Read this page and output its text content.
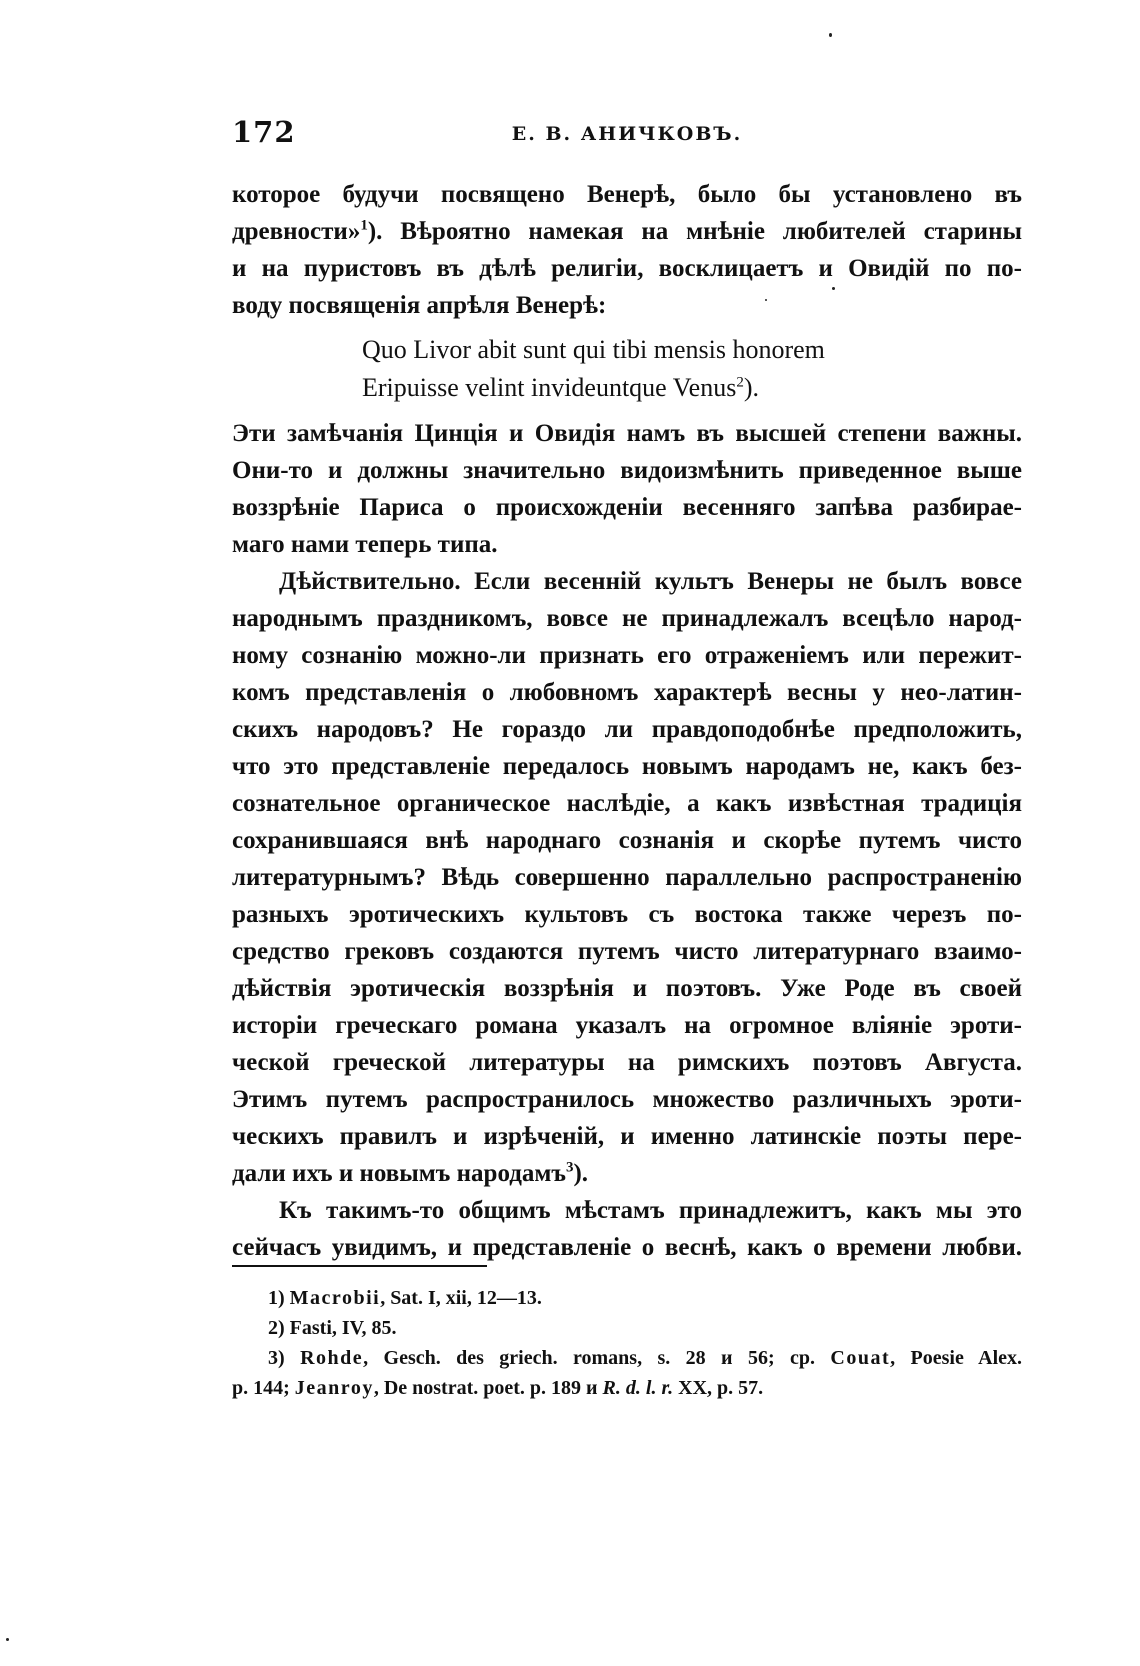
172	Е. В. АНИЧКОВЪ.

которое будучи посвящено Венерѣ, было бы установлено въ
древности»$^1$). Вѣроятно намекая на мнѣніе любителей старины
и на пуристовъ въ дѣлѣ религіи, восклицаетъ и Овидій по по-
воду посвященія апрѣля Венерѣ:

Quo Livor abit sunt qui tibi mensis honorem
Eripuisse velint invideuntque Venus$^2$).

Эти замѣчанія Цинція и Овидія намъ въ высшей степени важны.
Они-то и должны значительно видоизмѣнить приведенное выше
воззрѣніе Париса о происхожденіи весенняго запѣва разбирае-
маго нами теперь типа.

Дѣйствительно. Если весенній культъ Венеры не былъ вовсе
народнымъ праздникомъ, вовсе не принадлежалъ всецѣло народ-
ному сознанію можно-ли признать его отраженіемъ или пережит-
комъ представленія о любовномъ характерѣ весны у нео-латин-
скихъ народовъ? Не гораздо ли правдоподобнѣе предположить,
что это представленіе передалось новымъ народамъ не, какъ без-
сознательное органическое наслѣдіе, а какъ извѣстная традиція
сохранившаяся внѣ народнаго сознанія и скорѣе путемъ чисто
литературнымъ? Вѣдь совершенно параллельно распространенію
разныхъ эротическихъ культовъ съ востока также черезъ по-
средство грековъ создаются путемъ чисто литературнаго взаимо-
дѣйствія эротическія воззрѣнія и поэтовъ. Уже Роде въ своей
исторіи греческаго романа указалъ на огромное вліяніе эроти-
ческой греческой литературы на римскихъ поэтовъ Августа.
Этимъ путемъ распространилось множество различныхъ эроти-
ческихъ правилъ и изрѣченій, и именно латинскіе поэты пере-
дали ихъ и новымъ народамъ$^3$).

Къ такимъ-то общимъ мѣстамъ принадлежитъ, какъ мы это
сейчасъ увидимъ, и представленіе о веснѣ, какъ о времени любви.

1) Macrobii, Sat. I, xii, 12—13.
2) Fasti, IV, 85.
3) Rohde, Gesch. des griech. romans, s. 28 и 56; cp. Couat, Poesie Alex.
p. 144; Jeanroy, De nostrat. poet. p. 189 и R. d. l. r. XX, p. 57.
